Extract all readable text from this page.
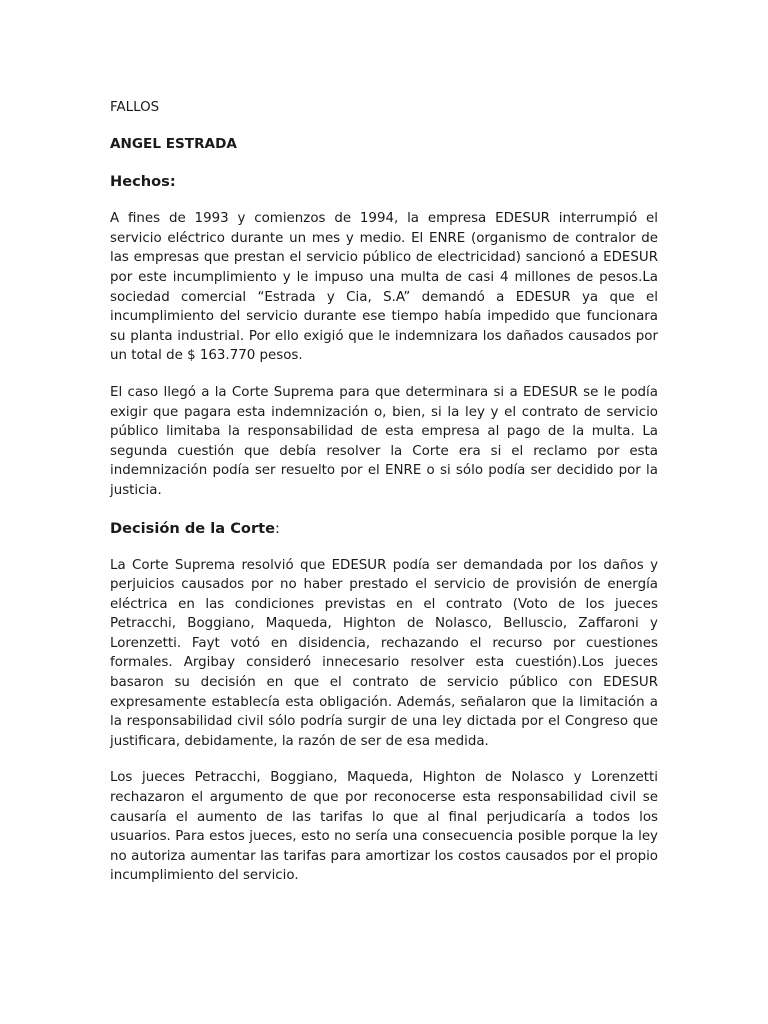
FALLOS
ANGEL ESTRADA
Hechos:

A fines de 1993 y comienzos de 1994, la empresa EDESUR interrumpió el servicio eléctrico durante un mes y medio. El ENRE (organismo de contralor de las empresas que prestan el servicio público de electricidad) sancionó a EDESUR por este incumplimiento y le impuso una multa de casi 4 millones de pesos.La sociedad comercial “Estrada y Cia, S.A” demandó a EDESUR ya que el incumplimiento del servicio durante ese tiempo había impedido que funcionara su planta industrial. Por ello exigió que le indemnizara los dañados causados por un total de $ 163.770 pesos.

El caso llegó a la Corte Suprema para que determinara si a EDESUR se le podía exigir que pagara esta indemnización o, bien, si la ley y el contrato de servicio público limitaba la responsabilidad de esta empresa al pago de la multa. La segunda cuestión que debía resolver la Corte era si el reclamo por esta indemnización podía ser resuelto por el ENRE o si sólo podía ser decidido por la justicia.

Decisión de la Corte:

La Corte Suprema resolvió que EDESUR podía ser demandada por los daños y perjuicios causados por no haber prestado el servicio de provisión de energía eléctrica en las condiciones previstas en el contrato (Voto de los jueces Petracchi, Boggiano, Maqueda, Highton de Nolasco, Belluscio, Zaffaroni y Lorenzetti. Fayt votó en disidencia, rechazando el recurso por cuestiones formales. Argibay consideró innecesario resolver esta cuestión).Los jueces basaron su decisión en que el contrato de servicio público con EDESUR expresamente establecía esta obligación. Además, señalaron que la limitación a la responsabilidad civil sólo podría surgir de una ley dictada por el Congreso que justificara, debidamente, la razón de ser de esa medida.

Los jueces Petracchi, Boggiano, Maqueda, Highton de Nolasco y Lorenzetti rechazaron el argumento de que por reconocerse esta responsabilidad civil se causaría el aumento de las tarifas lo que al final perjudicaría a todos los usuarios. Para estos jueces, esto no sería una consecuencia posible porque la ley no autoriza aumentar las tarifas para amortizar los costos causados por el propio incumplimiento del servicio.
